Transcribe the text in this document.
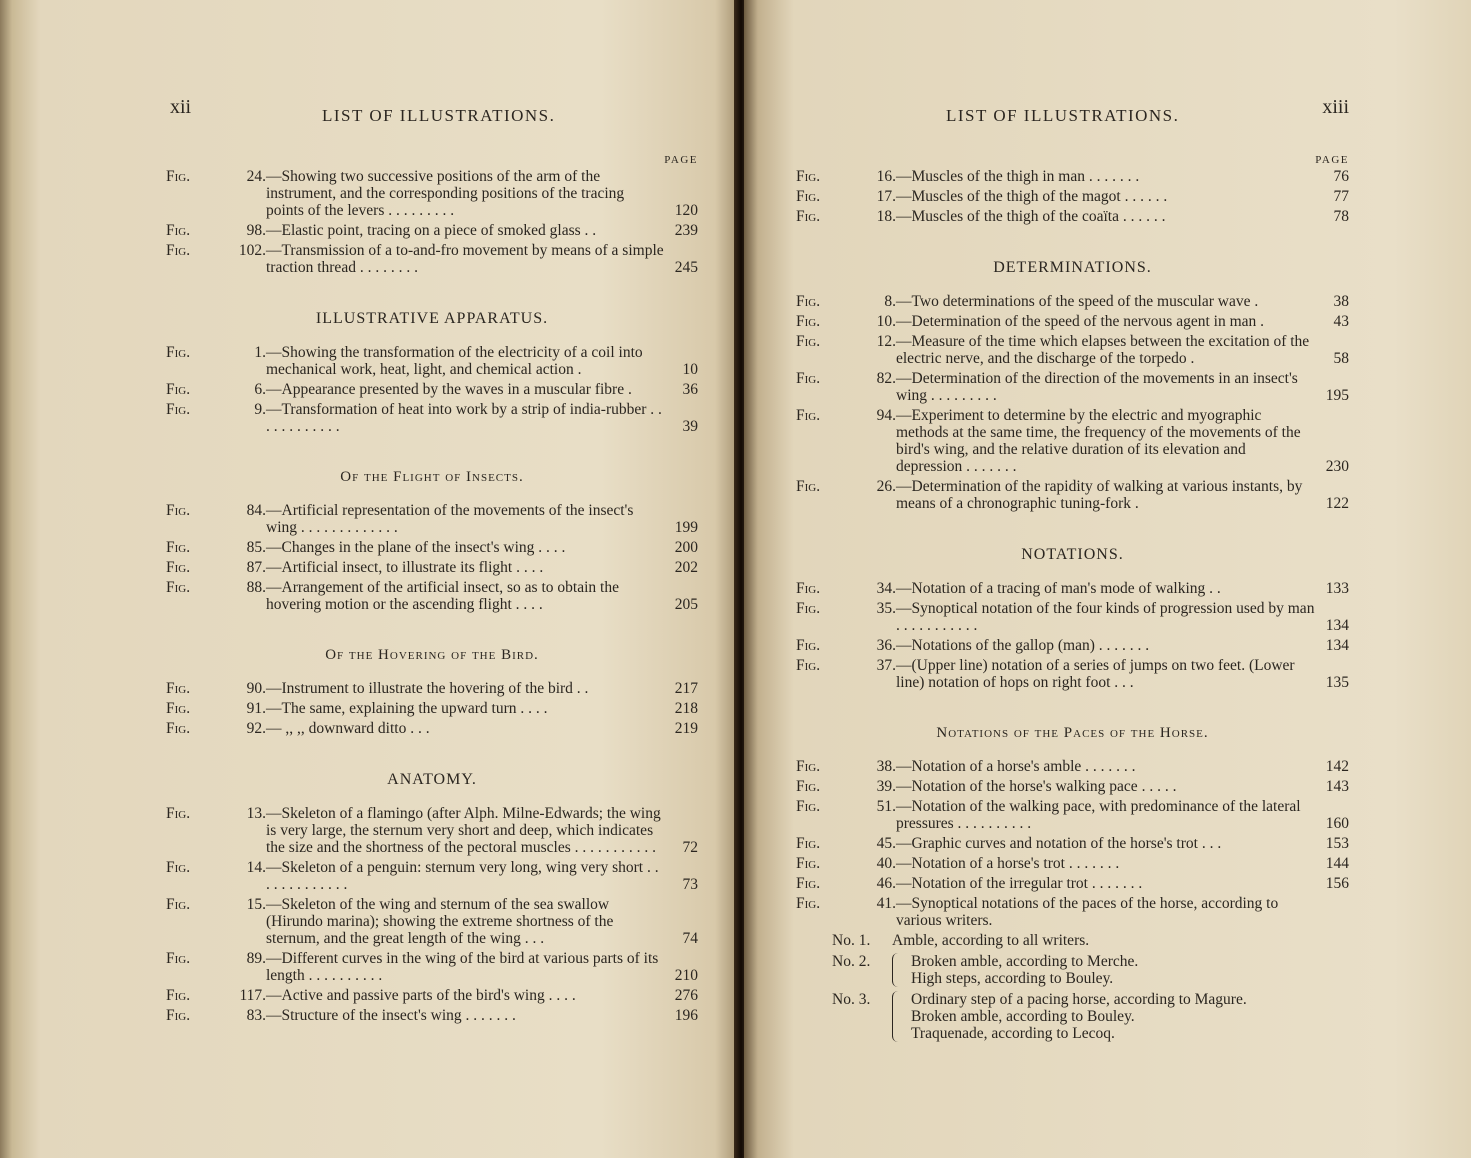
xii	LIST OF ILLUSTRATIONS.
PAGE
Fig.	24. —Showing two successive positions of the arm of the instrument, and the corresponding positions of the tracing points of the levers . . . . . . . . .	120
Fig.	98. —Elastic point, tracing on a piece of smoked glass . .	239
Fig.	102. —Transmission of a to-and-fro movement by means of a simple traction thread . . . . . . . .	245
ILLUSTRATIVE APPARATUS.
Fig.	1. —Showing the transformation of the electricity of a coil into mechanical work, heat, light, and chemical action .	10
Fig.	6. —Appearance presented by the waves in a muscular fibre .	36
Fig.	9. —Transformation of heat into work by a strip of india-rubber . . . . . . . . . . . .	39
Of the Flight of Insects.
Fig.	84. —Artificial representation of the movements of the insect's wing . . . . . . . . . . . . .	199
Fig.	85. —Changes in the plane of the insect's wing . . . .	200
Fig.	87. —Artificial insect, to illustrate its flight . . . .	202
Fig.	88. —Arrangement of the artificial insect, so as to obtain the hovering motion or the ascending flight . . . .	205
Of the Hovering of the Bird.
Fig.	90. —Instrument to illustrate the hovering of the bird . .	217
Fig.	91. —The same, explaining the upward turn . . . .	218
Fig.	92. — ,, ,, downward ditto . . .	219
ANATOMY.
Fig.	13. —Skeleton of a flamingo (after Alph. Milne-Edwards; the wing is very large, the sternum very short and deep, which indicates the size and the shortness of the pectoral muscles . . . . . . . . . . .	72
Fig.	14. —Skeleton of a penguin: sternum very long, wing very short . . . . . . . . . . . . .	73
Fig.	15. —Skeleton of the wing and sternum of the sea swallow (Hirundo marina); showing the extreme shortness of the sternum, and the great length of the wing . . .	74
Fig.	89. —Different curves in the wing of the bird at various parts of its length . . . . . . . . . .	210
Fig.	117. —Active and passive parts of the bird's wing . . . .	276
Fig.	83. —Structure of the insect's wing . . . . . . .	196
LIST OF ILLUSTRATIONS.	xiii
PAGE
Fig.	16. —Muscles of the thigh in man . . . . . . .	76
Fig.	17. —Muscles of the thigh of the magot . . . . . .	77
Fig.	18. —Muscles of the thigh of the coaïta . . . . . .	78
DETERMINATIONS.
Fig.	8. —Two determinations of the speed of the muscular wave .	38
Fig.	10. —Determination of the speed of the nervous agent in man .	43
Fig.	12. —Measure of the time which elapses between the excitation of the electric nerve, and the discharge of the torpedo .	58
Fig.	82. —Determination of the direction of the movements in an insect's wing . . . . . . . . .	195
Fig.	94. —Experiment to determine by the electric and myographic methods at the same time, the frequency of the movements of the bird's wing, and the relative duration of its elevation and depression . . . . . . .	230
Fig.	26. —Determination of the rapidity of walking at various instants, by means of a chronographic tuning-fork .	122
NOTATIONS.
Fig.	34. —Notation of a tracing of man's mode of walking . .	133
Fig.	35. —Synoptical notation of the four kinds of progression used by man . . . . . . . . . . .	134
Fig.	36. —Notations of the gallop (man) . . . . . . .	134
Fig.	37. —(Upper line) notation of a series of jumps on two feet. (Lower line) notation of hops on right foot . . .	135
Notations of the Paces of the Horse.
Fig.	38. —Notation of a horse's amble . . . . . . .	142
Fig.	39. —Notation of the horse's walking pace . . . . .	143
Fig.	51. —Notation of the walking pace, with predominance of the lateral pressures . . . . . . . . . .	160
Fig.	45. —Graphic curves and notation of the horse's trot . . .	153
Fig.	40. —Notation of a horse's trot . . . . . . .	144
Fig.	46. —Notation of the irregular trot . . . . . . .	156
Fig.	41. —Synoptical notations of the paces of the horse, according to various writers.
No. 1.	Amble, according to all writers.
No. 2.	Broken amble, according to Merche.
High steps, according to Bouley.
No. 3.	Ordinary step of a pacing horse, according to Magure.
Broken amble, according to Bouley.
Traquenade, according to Lecoq.
